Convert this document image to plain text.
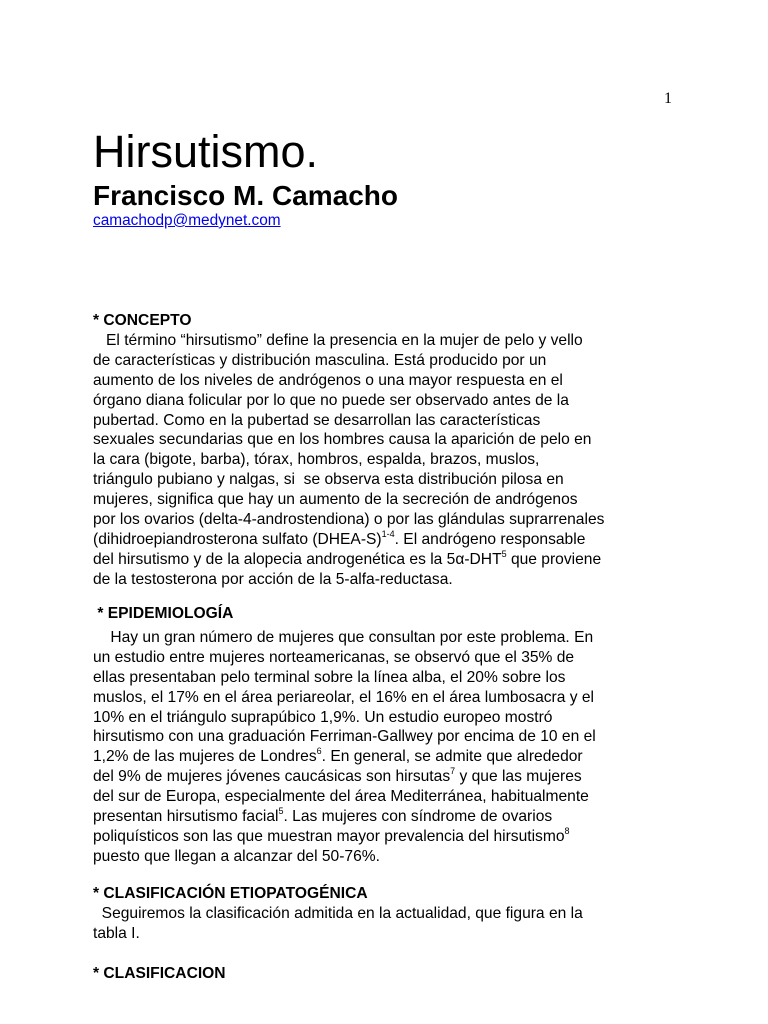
1
Hirsutismo.
Francisco M. Camacho
camachodp@medynet.com
* CONCEPTO
El término “hirsutismo” define la presencia en la mujer de pelo y vello
de características y distribución masculina. Está producido por un
aumento de los niveles de andrógenos o una mayor respuesta en el
órgano diana folicular por lo que no puede ser observado antes de la
pubertad. Como en la pubertad se desarrollan las características
sexuales secundarias que en los hombres causa la aparición de pelo en
la cara (bigote, barba), tórax, hombros, espalda, brazos, muslos,
triángulo pubiano y nalgas, si  se observa esta distribución pilosa en
mujeres, significa que hay un aumento de la secreción de andrógenos
por los ovarios (delta-4-androstendiona) o por las glándulas suprarrenales
(dihidroepiandrosterona sulfato (DHEA-S)$^{1-4}$. El andrógeno responsable
del hirsutismo y de la alopecia androgenética es la 5α-DHT$^5$ que proviene
de la testosterona por acción de la 5-alfa-reductasa.
* EPIDEMIOLOGÍA
Hay un gran número de mujeres que consultan por este problema. En
un estudio entre mujeres norteamericanas, se observó que el 35% de
ellas presentaban pelo terminal sobre la línea alba, el 20% sobre los
muslos, el 17% en el área periareolar, el 16% en el área lumbosacra y el
10% en el triángulo suprapúbico 1,9%. Un estudio europeo mostró
hirsutismo con una graduación Ferriman-Gallwey por encima de 10 en el
1,2% de las mujeres de Londres$^6$. En general, se admite que alrededor
del 9% de mujeres jóvenes caucásicas son hirsutas$^7$ y que las mujeres
del sur de Europa, especialmente del área Mediterránea, habitualmente
presentan hirsutismo facial$^5$. Las mujeres con síndrome de ovarios
poliquísticos son las que muestran mayor prevalencia del hirsutismo$^8$
puesto que llegan a alcanzar del 50-76%.
* CLASIFICACIÓN ETIOPATOGÉNICA
Seguiremos la clasificación admitida en la actualidad, que figura en la
tabla I.
* CLASIFICACION
